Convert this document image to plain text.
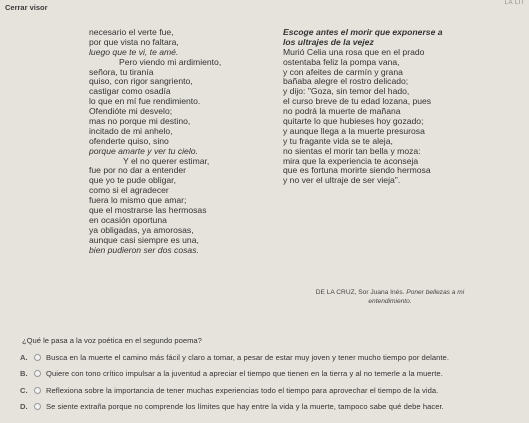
Cerrar visor	LA LIT
necesario el verte fue,
por que vista no faltara,
luego que te vi, te amé.
Pero viendo mi ardimiento,
señora, tu tiranía
quiso, con rigor sangriento,
castigar como osadía
lo que en mí fue rendimiento.
Ofendióte mi desvelo;
mas no porque mi destino,
incitado de mi anhelo,
ofenderte quiso, sino
porque amarte y ver tu cielo.
Y el no querer estimar,
fue por no dar a entender
que yo te pude obligar,
como si el agradecer
fuera lo mismo que amar;
que el mostrarse las hermosas
en ocasión oportuna
ya obligadas, ya amorosas,
aunque casi siempre es una,
bien pudieron ser dos cosas.
Escoge antes el morir que exponerse a
los ultrajes de la vejez
Murió Celia una rosa que en el prado
ostentaba feliz la pompa vana,
y con afeites de carmín y grana
bañaba alegre el rostro delicado;
y dijo: "Goza, sin temor del hado,
el curso breve de tu edad lozana, pues
no podrá la muerte de mañana
quitarte lo que hubieses hoy gozado;
y aunque llega a la muerte presurosa
y tu fragante vida se te aleja,
no sientas el morir tan bella y moza:
mira que la experiencia te aconseja
que es fortuna morirte siendo hermosa
y no ver el ultraje de ser vieja".
DE LA CRUZ, Sor Juana Inés. Poner bellezas a mi
entendimiento.
¿Qué le pasa a la voz poética en el segundo poema?
A. Busca en la muerte el camino más fácil y claro a tomar, a pesar de estar muy joven y tener mucho tiempo por delante.
B. Quiere con tono crítico impulsar a la juventud a apreciar el tiempo que tienen en la tierra y al no temerle a la muerte.
C. Reflexiona sobre la importancia de tener muchas experiencias todo el tiempo para aprovechar el tiempo de la vida.
D. Se siente extraña porque no comprende los límites que hay entre la vida y la muerte, tampoco sabe qué debe hacer.
